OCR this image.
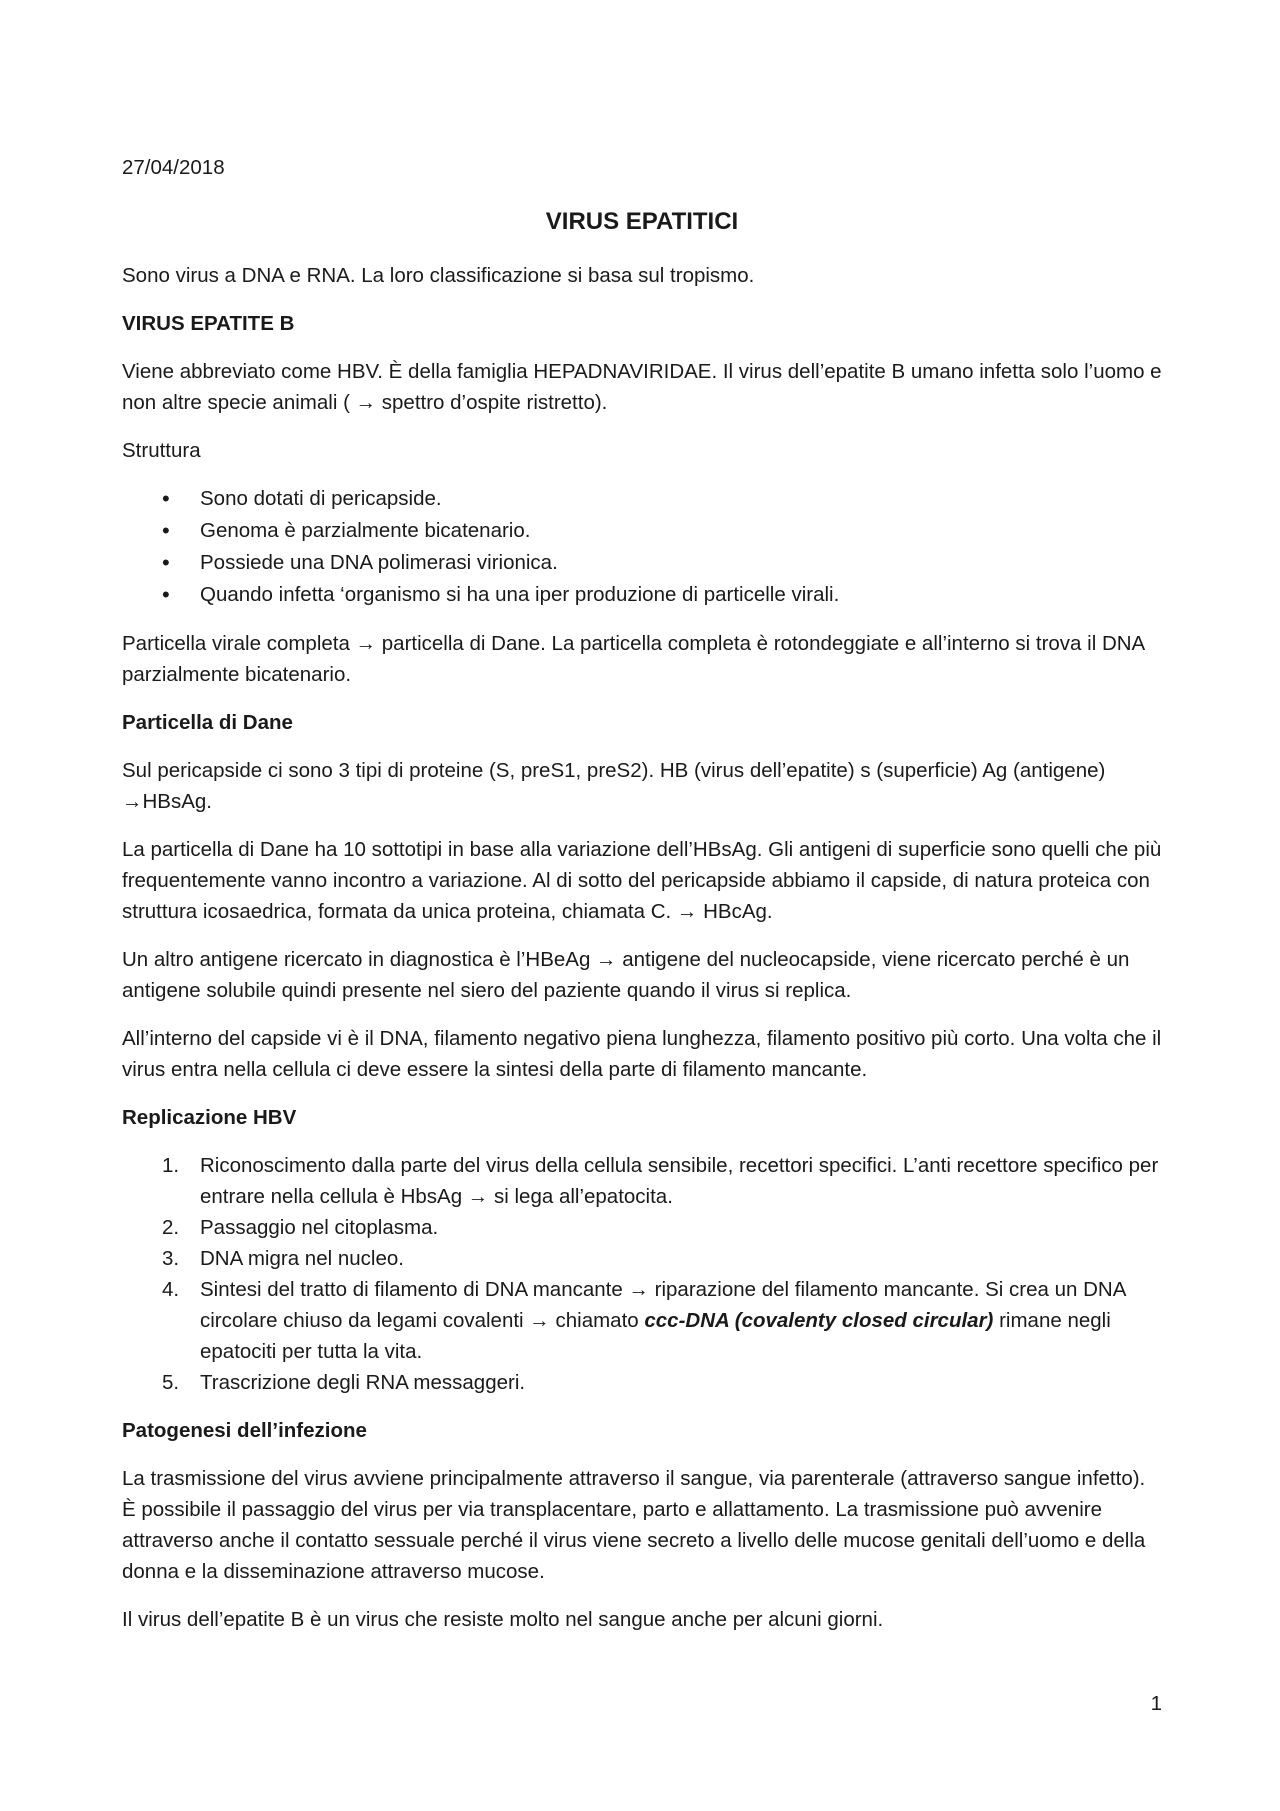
27/04/2018

VIRUS EPATITICI

Sono virus a DNA e RNA. La loro classificazione si basa sul tropismo.

VIRUS EPATITE B

Viene abbreviato come HBV. È della famiglia HEPADNAVIRIDAE. Il virus dell’epatite B umano infetta solo l’uomo e non altre specie animali ( → spettro d’ospite ristretto).

Struttura

• Sono dotati di pericapside.
• Genoma è parzialmente bicatenario.
• Possiede una DNA polimerasi virionica.
• Quando infetta ‘organismo si ha una iper produzione di particelle virali.

Particella virale completa → particella di Dane. La particella completa è rotondeggiate e all’interno si trova il DNA parzialmente bicatenario.

Particella di Dane

Sul pericapside ci sono 3 tipi di proteine (S, preS1, preS2). HB (virus dell’epatite) s (superficie) Ag (antigene) →HBsAg.

La particella di Dane ha 10 sottotipi in base alla variazione dell’HBsAg. Gli antigeni di superficie sono quelli che più frequentemente vanno incontro a variazione. Al di sotto del pericapside abbiamo il capside, di natura proteica con struttura icosaedrica, formata da unica proteina, chiamata C. → HBcAg.

Un altro antigene ricercato in diagnostica è l’HBeAg → antigene del nucleocapside, viene ricercato perché è un antigene solubile quindi presente nel siero del paziente quando il virus si replica.

All’interno del capside vi è il DNA, filamento negativo piena lunghezza, filamento positivo più corto. Una volta che il virus entra nella cellula ci deve essere la sintesi della parte di filamento mancante.

Replicazione HBV

1. Riconoscimento dalla parte del virus della cellula sensibile, recettori specifici. L’anti recettore specifico per entrare nella cellula è HbsAg → si lega all’epatocita.
2. Passaggio nel citoplasma.
3. DNA migra nel nucleo.
4. Sintesi del tratto di filamento di DNA mancante → riparazione del filamento mancante. Si crea un DNA circolare chiuso da legami covalenti → chiamato ccc-DNA (covalenty closed circular) rimane negli epatociti per tutta la vita.
5. Trascrizione degli RNA messaggeri.

Patogenesi dell’infezione

La trasmissione del virus avviene principalmente attraverso il sangue, via parenterale (attraverso sangue infetto). È possibile il passaggio del virus per via transplacentare, parto e allattamento. La trasmissione può avvenire attraverso anche il contatto sessuale perché il virus viene secreto a livello delle mucose genitali dell’uomo e della donna e la disseminazione attraverso mucose.

Il virus dell’epatite B è un virus che resiste molto nel sangue anche per alcuni giorni.

1
